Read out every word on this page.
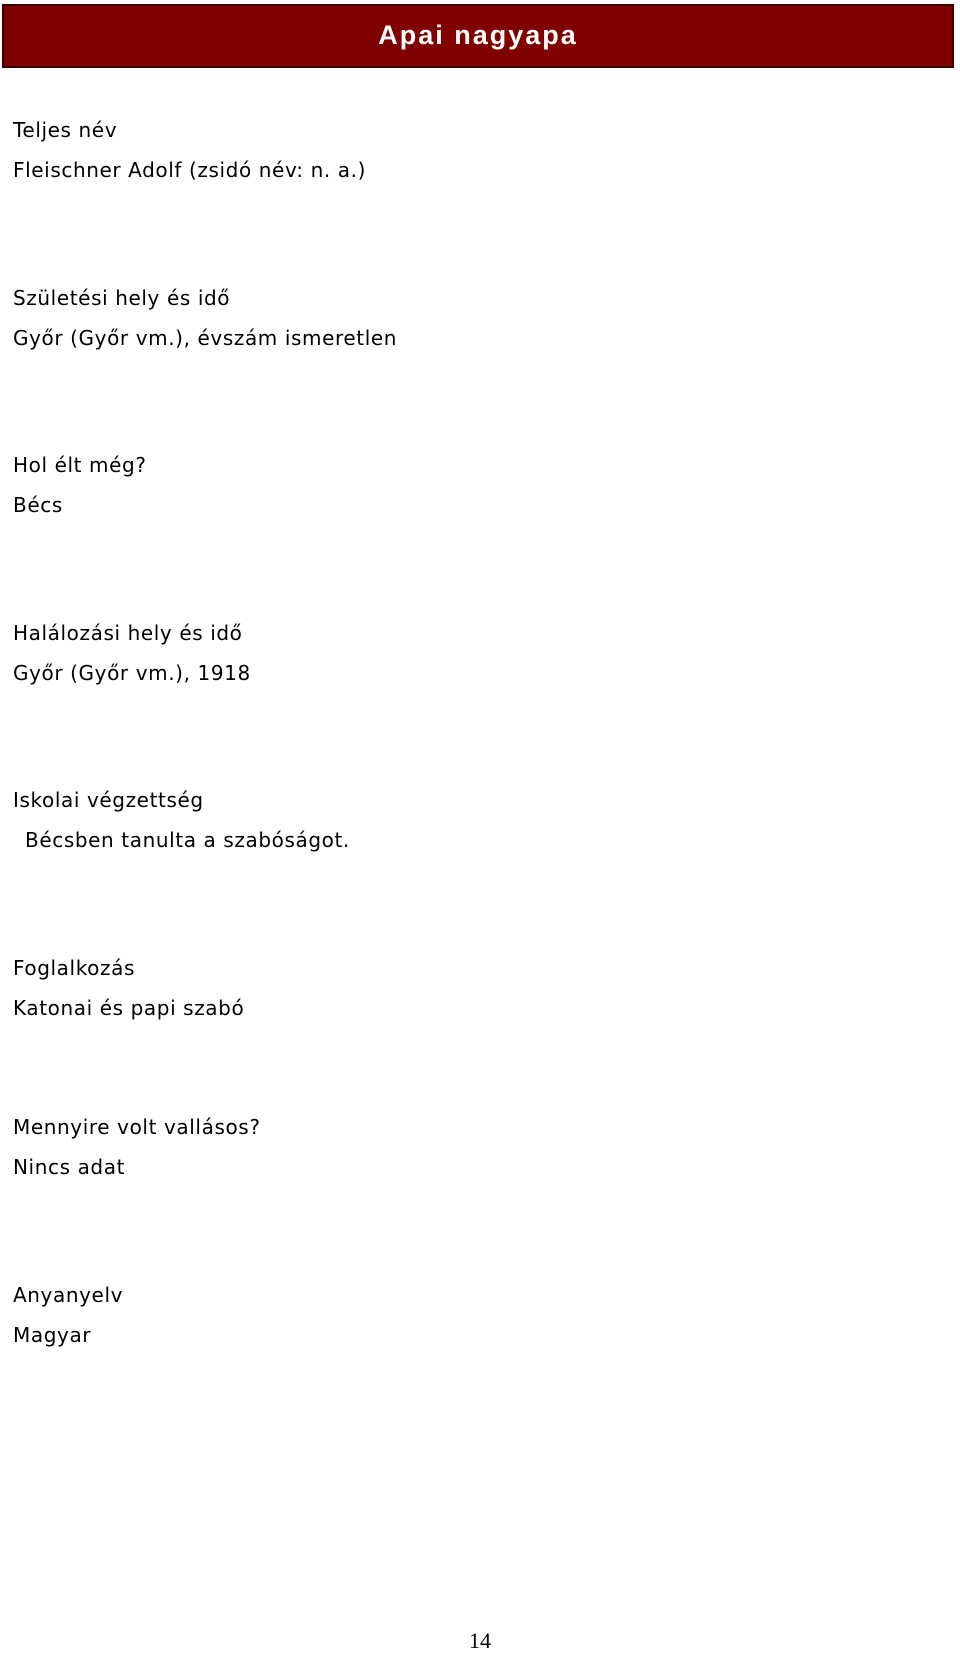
Apai nagyapa
Teljes név
Fleischner Adolf (zsidó név: n. a.)
Születési hely és idő
Győr (Győr vm.), évszám ismeretlen
Hol élt még?
Bécs
Halálozási hely és idő
Győr (Győr vm.), 1918
Iskolai végzettség
Bécsben tanulta a szabóságot.
Foglalkozás
Katonai és papi szabó
Mennyire volt vallásos?
Nincs adat
Anyanyelv
Magyar
14
